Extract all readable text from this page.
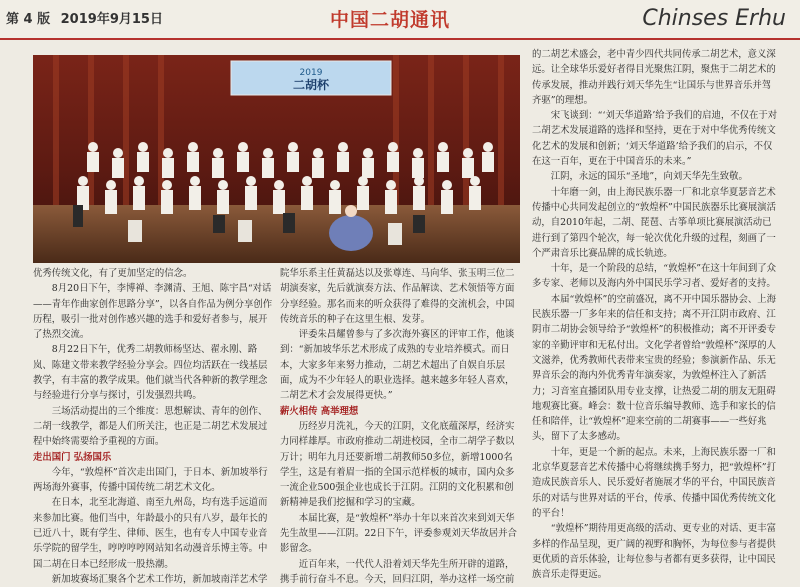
第 4 版 2019年9月15日	中国二胡通讯	Chinses Erhu
2019
二胡杯

优秀传统文化，有了更加坚定的信念。

8月20日下午，李博禅、李渊清、王旭、陈宇昌“对话——青年作曲家创作思路分享”，以各自作品为例分享创作历程，吸引一批对创作感兴趣的选手和爱好者参与，展开了热烈交流。

8月22日下午，优秀二胡教师杨坚达、翟永刚、路岚、陈建文带来教学经验分享会。四位均活跃在一线基层教学，有丰富的教学成果。他们就当代各种新的教学理念与经验进行分享与探讨，引发强烈共鸣。

三场活动提出的三个维度：思想解读、青年的创作、二胡一线教学，都是人们所关注，也正是二胡艺术发展过程中始终需要给予重视的方面。

走出国门 弘扬国乐

今年，“敦煌杯”首次走出国门，于日本、新加坡举行两场海外赛事，传播中国传统二胡艺术文化。

在日本，北至北海道、南至九州岛，均有选手远道而来参加比赛。他们当中，年龄最小的只有八岁，最年长的已近八十，既有学生、律师、医生，也有专人中国专业音乐学院的留学生，哼哼哼哼网站知名动漫音乐博主等。中国二胡在日本已经形成一股热潮。

新加坡赛场汇聚各个艺术工作坊，新加坡南洋艺术学

院华乐系主任黄磊达以及张尊连、马向华、张玉明三位二胡演奏家，先后就演奏方法、作品解读、艺术领悟等方面分享经验。那名而来的听众获得了难得的交流机会，中国传统音乐的种子在这里生根、发芽。

评委朱昌耀曾参与了多次海外赛区的评审工作，他谈到：“新加坡华乐艺术形成了成熟的专业培养模式。而日本，大家多年来努力推动，二胡艺术超出了自娱自乐层面，成为不少年轻人的职业选择。越来越多年轻人喜欢，二胡艺术才会发展得更快。”

薪火相传 高举理想

历经岁月洗礼，今天的江阴，文化底蕴深厚，经济实力同样雄厚。市政府推动二胡进校园，全市二胡学子数以万计；明年九月还要新增二胡教师50多位，新增1000名学生，这是有着眉一指的全国示范样板的城市，国内众多一流企业500强企业也成长于江阴。江阴的文化积累和创新精神是我们挖掘和学习的宝藏。

本届比赛，是“敦煌杯”举办十年以来首次来到刘天华先生故里——江阴。22日下午，评委参观刘天华故居并合影留念。

近百年来，一代代人沿着刘天华先生所开辟的道路，携手前行奋斗不息。今天，回归江阴，举办这样一场空前

的二胡艺术盛会，老中青少四代共同传承二胡艺术，意义深远。让全球华乐爱好者得目光聚焦江阴，聚焦于二胡艺术的传承发展，推动并践行刘天华先生“让国乐与世界音乐并驾齐驱”的理想。

宋飞谈到：“‘刘天华道路’给予我们的启迪，不仅在于对二胡艺术发展道路的选择和坚持，更在于对中华优秀传统文化艺术的发展和创新；‘刘天华道路’给予我们的启示，不仅在这一百年，更在于中国音乐的未来。”

江阴，永远的国乐“圣地”，向刘天华先生致敬。

十年磨一剑，由上海民族乐器一厂和北京华夏瑟音艺术传播中心共同发起创立的“敦煌杯”中国民族器乐比赛展演活动，自2010年起，二胡、琵琶、古筝单项比赛展演活动已进行到了第四个轮次，每一轮次优化升级的过程，刻画了一个严肃音乐比赛品牌的成长轨迹。

十年，是一个阶段的总结，“敦煌杯”在这十年间到了众多专家、老师以及海内外中国民乐学习者、爱好者的支持。

本届“敦煌杯”的空前盛况，离不开中国乐器协会、上海民族乐器一厂多年来的信任和支持；离不开江阴市政府、江阴市二胡协会领导给予“敦煌杯”的积极推动；离不开评委专家的辛勤评审和无私付出。文化学者曾给“敦煌杯”深厚的人文滋养，优秀教师代表带来宝贵的经验；参演新作品、乐无界音乐会的海内外优秀青年演奏家，为敦煌杯注入了新活力；习音室直播团队用专业支撑，让热爱二胡的朋友无阻碍地观赛比赛。峰会：数十位音乐编导教师、选手和家长的信任和陪伴，让“敦煌杯”迎来空前的二胡赛事——一些好兆头，留下了太多感动。

十年，更是一个新的起点。未来，上海民族乐器一厂和北京华夏瑟音艺术传播中心将继续携手努力，把“敦煌杯”打造成民族音乐人、民乐爱好者施展才华的平台，中国民族音乐的对话与世界对话的平台，传承、传播中国优秀传统文化的平台！

“敦煌杯”期待用更高级的活动、更专业的对话、更丰富多样的作品呈现，更广阔的视野和胸怀，为每位参与者提供更优质的音乐体验，让每位参与者都有更多获得，让中国民族音乐走得更远。
